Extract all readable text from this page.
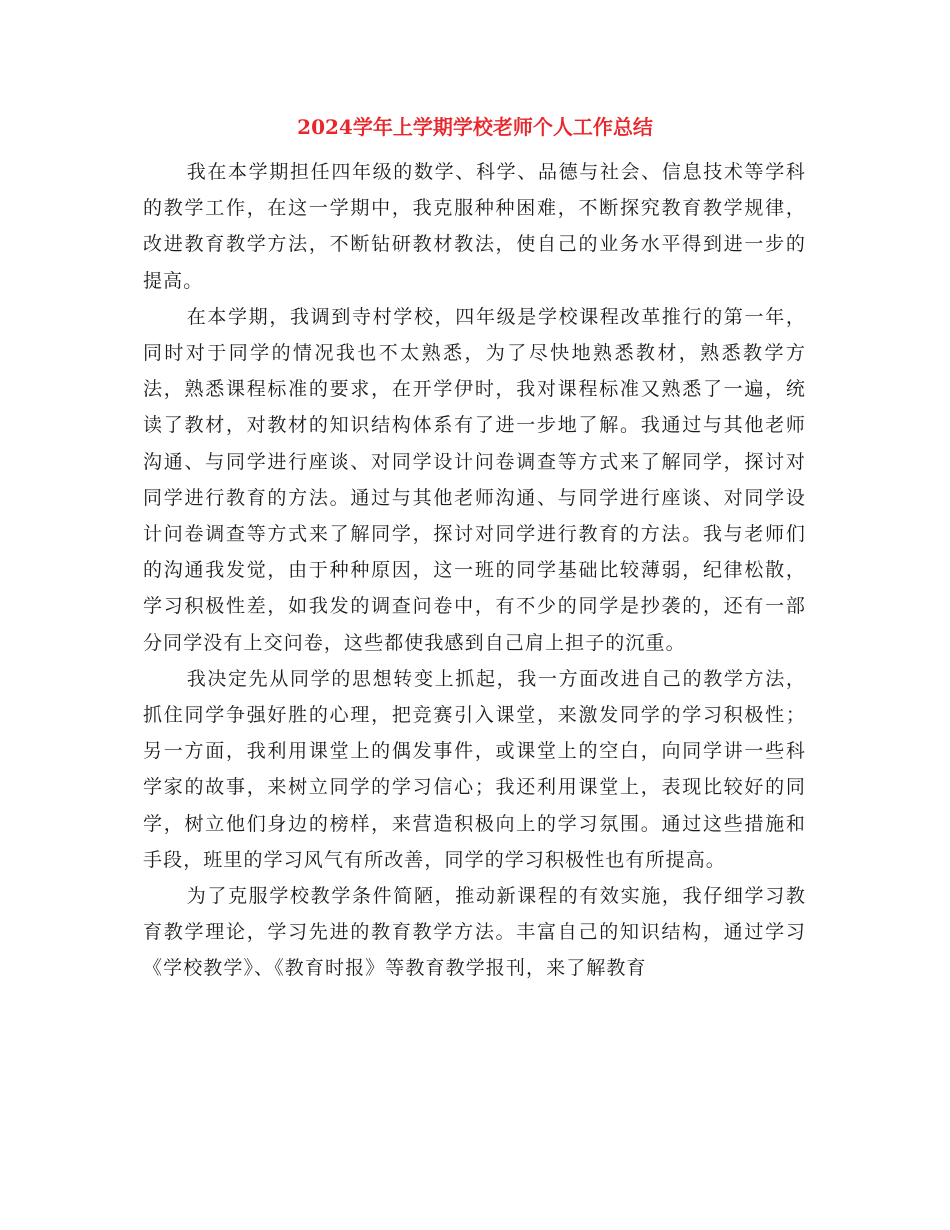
2024学年上学期学校老师个人工作总结

我在本学期担任四年级的数学、科学、品德与社会、信息技术等学科的教学工作，在这一学期中，我克服种种困难，不断探究教育教学规律，改进教育教学方法，不断钻研教材教法，使自己的业务水平得到进一步的提高。

在本学期，我调到寺村学校，四年级是学校课程改革推行的第一年，同时对于同学的情况我也不太熟悉，为了尽快地熟悉教材，熟悉教学方法，熟悉课程标准的要求，在开学伊时，我对课程标准又熟悉了一遍，统读了教材，对教材的知识结构体系有了进一步地了解。我通过与其他老师沟通、与同学进行座谈、对同学设计问卷调查等方式来了解同学，探讨对同学进行教育的方法。通过与其他老师沟通、与同学进行座谈、对同学设计问卷调查等方式来了解同学，探讨对同学进行教育的方法。我与老师们的沟通我发觉，由于种种原因，这一班的同学基础比较薄弱，纪律松散，学习积极性差，如我发的调查问卷中，有不少的同学是抄袭的，还有一部分同学没有上交问卷，这些都使我感到自己肩上担子的沉重。

我决定先从同学的思想转变上抓起，我一方面改进自己的教学方法，抓住同学争强好胜的心理，把竞赛引入课堂，来激发同学的学习积极性；另一方面，我利用课堂上的偶发事件，或课堂上的空白，向同学讲一些科学家的故事，来树立同学的学习信心；我还利用课堂上，表现比较好的同学，树立他们身边的榜样，来营造积极向上的学习氛围。通过这些措施和手段，班里的学习风气有所改善，同学的学习积极性也有所提高。

为了克服学校教学条件简陋，推动新课程的有效实施，我仔细学习教育教学理论，学习先进的教育教学方法。丰富自己的知识结构，通过学习《学校教学》、《教育时报》等教育教学报刊，来了解教育
